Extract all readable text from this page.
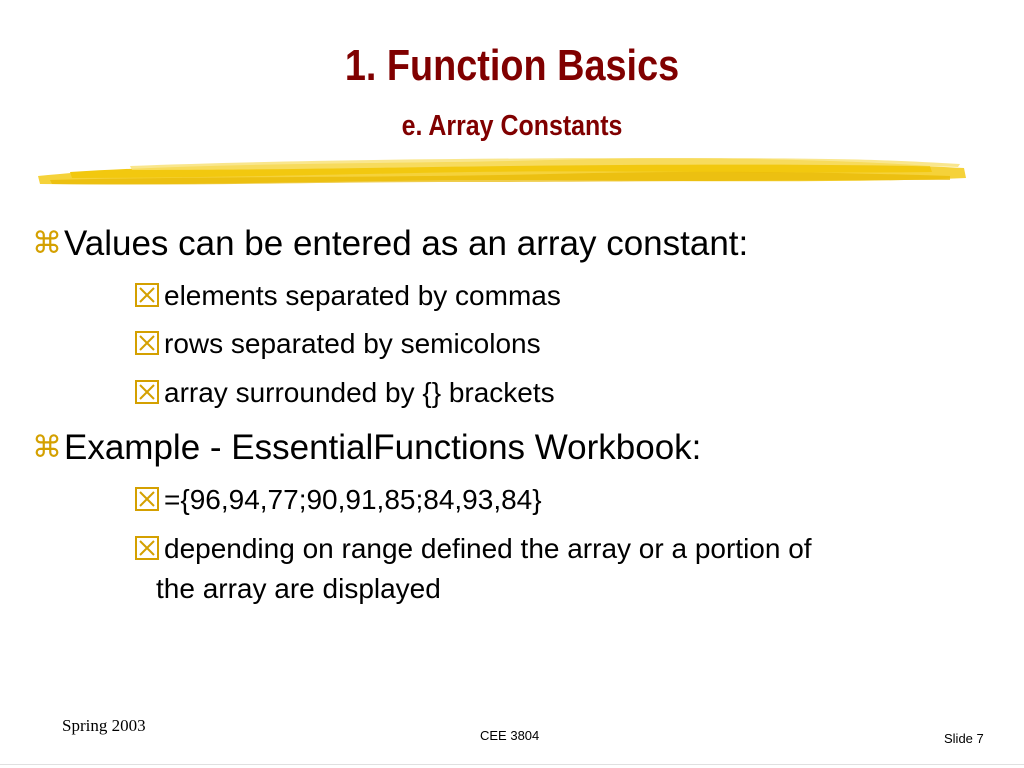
1. Function Basics
e. Array Constants
⌘Values can be entered as an array constant:
elements separated by commas
rows separated by semicolons
array surrounded by {} brackets
⌘Example - EssentialFunctions Workbook:
={96,94,77;90,91,85;84,93,84}
depending on range defined the array or a portion of
the array are displayed
Spring 2003
CEE 3804	Slide 7
